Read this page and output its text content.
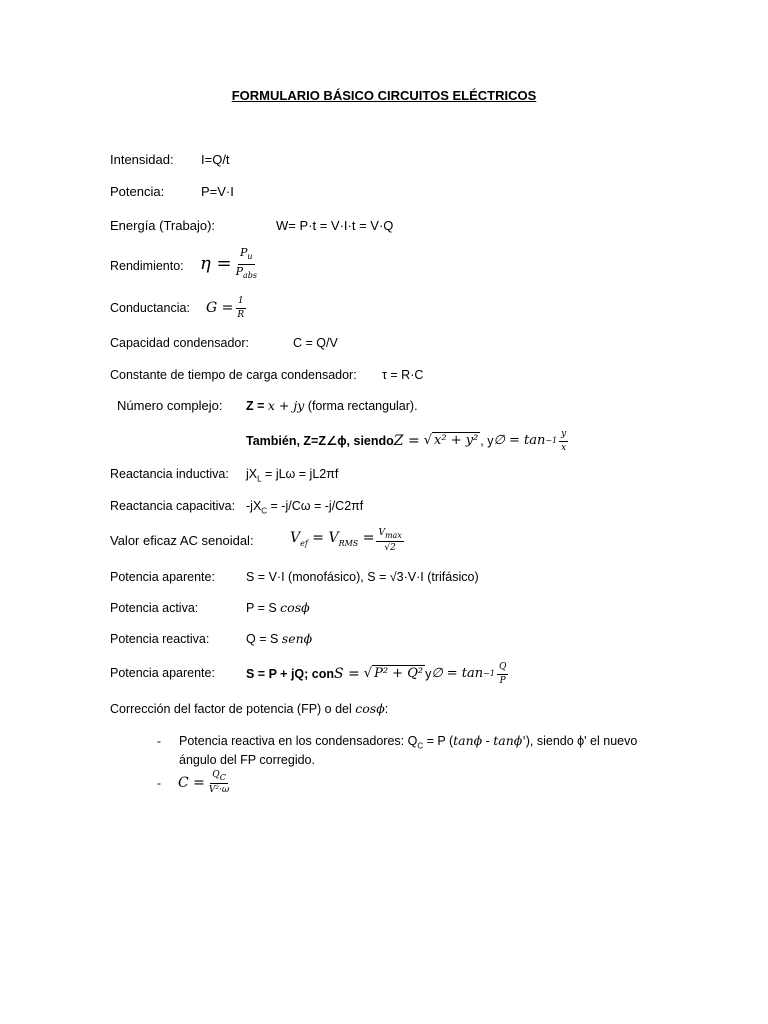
FORMULARIO BÁSICO CIRCUITOS ELÉCTRICOS
Intensidad: I=Q/t
Potencia:	P=V·I
Energía (Trabajo):	W= P·t = V·I·t = V·Q
Rendimiento: $\eta = \frac{P_u}{P_{abs}}$
Conductancia: $G = \frac{1}{R}$
Capacidad condensador:	C = Q/V
Constante de tiempo de carga condensador: τ = R·C
Número complejo: Z = x + jy (forma rectangular).
También, Z=Z∠ϕ, siendo Z = √ x² + y² , y ∅ = $\tan -1 \frac{y}{x}$
Reactancia inductiva: $jX_L = jL\omega = jL2\pi f$
Reactancia capacitiva: $-jX_C = -j/C\omega = -j/C2\pi f$
Valor eficaz AC senoidal:	$V_{ef} = V_{RMS} = \frac{V_{max}}{√2}$
Potencia aparente: S = V·I (monofásico), S = √3·V·I (trifásico)
Potencia activa:	P = S cosϕ
Potencia reactiva:	Q = S senϕ
Potencia aparente: S = P + jQ; con S = √ P² + Q² y ∅ = $\tan -1 \frac{Q}{P}$
Corrección del factor de potencia (FP) o del cosϕ:
- Potencia reactiva en los condensadores: $Q_C = P$ (tanϕ - tanϕ'), siendo ϕ' el nuevo
ángulo del FP corregido.
- $C = \frac{Q_C}{\text{V²·ω}}$
